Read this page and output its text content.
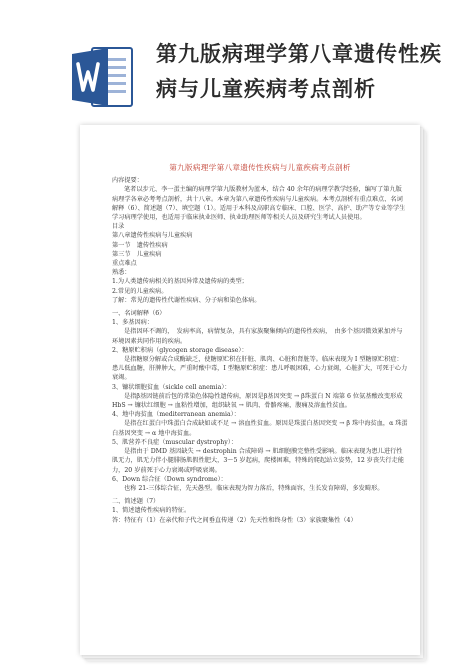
第九版病理学第八章遗传性疾
病与儿童疾病考点剖析
第九版病理学第八章遗传性疾病与儿童疾病考点剖析
内容提要：
笔者以步元、李一蛋主编的病理学第九版教材为蓝本，结合 40 余年的病理学教学经验，编写了第九版病理学各章必考考点剖析，共十八章。本章为第八章遗传性疾病与儿童疾病。本考点剖析有重点难点、名词解释（6）、简述题（7）、填空题（1）。适用于本科及高职高专临床、口腔、医学、高护、助产等专业等学生学习病理学使用，也适用于临床执业医师、执业助理医师等相关人员及研究生考试人员使用。
目录
第八章遗传性疾病与儿童疾病
第一节　遗传性疾病
第三节　儿童疾病
重点难点
熟悉：
1.为人类遗传病相关的基因异常及遗传病的类型；
2.常见的儿童疾病。
了解：常见的遗传性代谢性疾病、分子病和染色体病。
一、名词解释（6）
1、多基因病：
是指因环不调的，　发病率高，病情复杂，具有家族聚集倾向的遗传性疾病，　由多个基因微效累加并与环境因素共同作用的疾病。
2、糖原贮积病（glycogen storage disease）：
是指糖原分解或合成酶缺乏，使糖原贮积在肝脏、肌肉、心脏和肾脏等。临床表现为 I 型糖原贮积症：患儿低血糖，肝脾肿大，严重时酸中毒，I 型糖原贮积症：患儿呼吸困难，心力衰竭，心脏扩大，可死于心力衰竭。
3、镰状细胞贫血（sickle cell anemia）：
是指β基因链前后包的常染色体隐性遗传病，原因是β基因突变 → β珠蛋白 N 端第 6 位氨基酸改变形成 HbS → 镰状红细胞 → 血粘性增加，组织缺氧 → 肌肉、骨骼疼痛，腹痛及溶血性贫血。
4、地中海贫血（mediterranean anemia）：
是指在红蛋白中珠蛋白合成缺如或不足 → 溶血性贫血。原因是珠蛋白基因突变 → β 珠中海贫血，α 珠蛋白基因突变 → α 地中海贫血。
5、肌营养不良症（muscular dystrophy）：
是指由于 DMD 基因缺失 → destrophin 合成障碍 → 肌细胞膜完整性受影响。临床表现为患儿进行性肌无力，肌无力伴小腿腓肠肌假性肥大，3～5 岁起病，爬楼困难，特殊的爬起站立姿势，12 岁丧失行走能力，20 岁前死于心力衰竭或呼吸衰竭。
6、Down 综合征（Down syndrome）：
也称 21-三体综合征，先天愚型。临床表现为智力落后，特殊面容，生长发育障碍，多发畸形。
二、简述题（7）
1、简述遗传性疾病的特征。
答：特征有（1）在亲代和子代之间垂直传递（2）先天性和终身性（3）家族聚集性（4）
